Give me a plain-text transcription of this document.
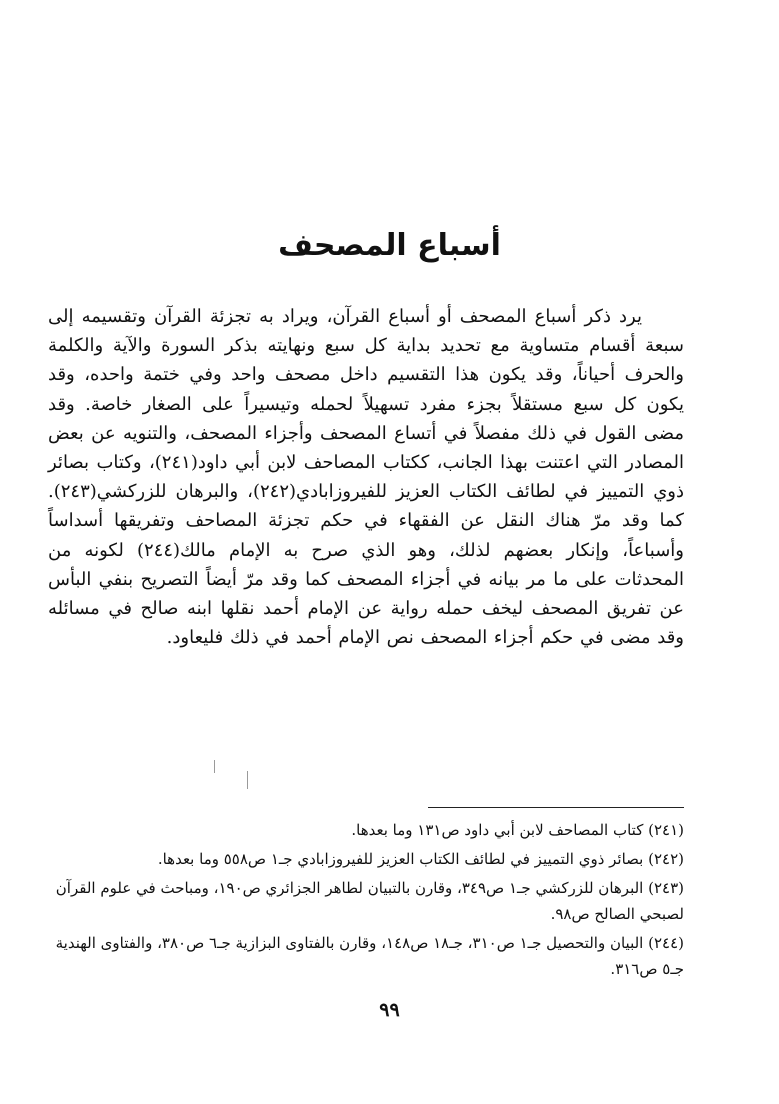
أسباع المصحف

يرد ذكر أسباع المصحف أو أسباع القرآن، ويراد به تجزئة القرآن وتقسيمه إلى سبعة أقسام متساوية مع تحديد بداية كل سبع ونهايته بذكر السورة والآية والكلمة والحرف أحياناً، وقد يكون هذا التقسيم داخل مصحف واحد وفي ختمة واحده، وقد يكون كل سبع مستقلاً بجزء مفرد تسهيلاً لحمله وتيسيراً على الصغار خاصة. وقد مضى القول في ذلك مفصلاً في أتساع المصحف وأجزاء المصحف، والتنويه عن بعض المصادر التي اعتنت بهذا الجانب، ككتاب المصاحف لابن أبي داود(٢٤١)، وكتاب بصائر ذوي التمييز في لطائف الكتاب العزيز للفيروزابادي(٢٤٢)، والبرهان للزركشي(٢٤٣). كما وقد مرّ هناك النقل عن الفقهاء في حكم تجزئة المصاحف وتفريقها أسداساً وأسباعاً، وإنكار بعضهم لذلك، وهو الذي صرح به الإمام مالك(٢٤٤) لكونه من المحدثات على ما مر بيانه في أجزاء المصحف كما وقد مرّ أيضاً التصريح بنفي البأس عن تفريق المصحف ليخف حمله رواية عن الإمام أحمد نقلها ابنه صالح في مسائله وقد مضى في حكم أجزاء المصحف نص الإمام أحمد في ذلك فليعاود.

(٢٤١) كتاب المصاحف لابن أبي داود ص١٣١ وما بعدها.

(٢٤٢) بصائر ذوي التمييز في لطائف الكتاب العزيز للفيروزابادي جـ١ ص٥٥٨ وما بعدها.

(٢٤٣) البرهان للزركشي جـ١ ص٣٤٩، وقارن بالتبيان لطاهر الجزائري ص١٩٠، ومباحث في علوم القرآن لصبحي الصالح ص٩٨.

(٢٤٤) البيان والتحصيل جـ١ ص٣١٠، جـ١٨ ص١٤٨، وقارن بالفتاوى البزازية جـ٦ ص٣٨٠، والفتاوى الهندية جـ٥ ص٣١٦.

٩٩
